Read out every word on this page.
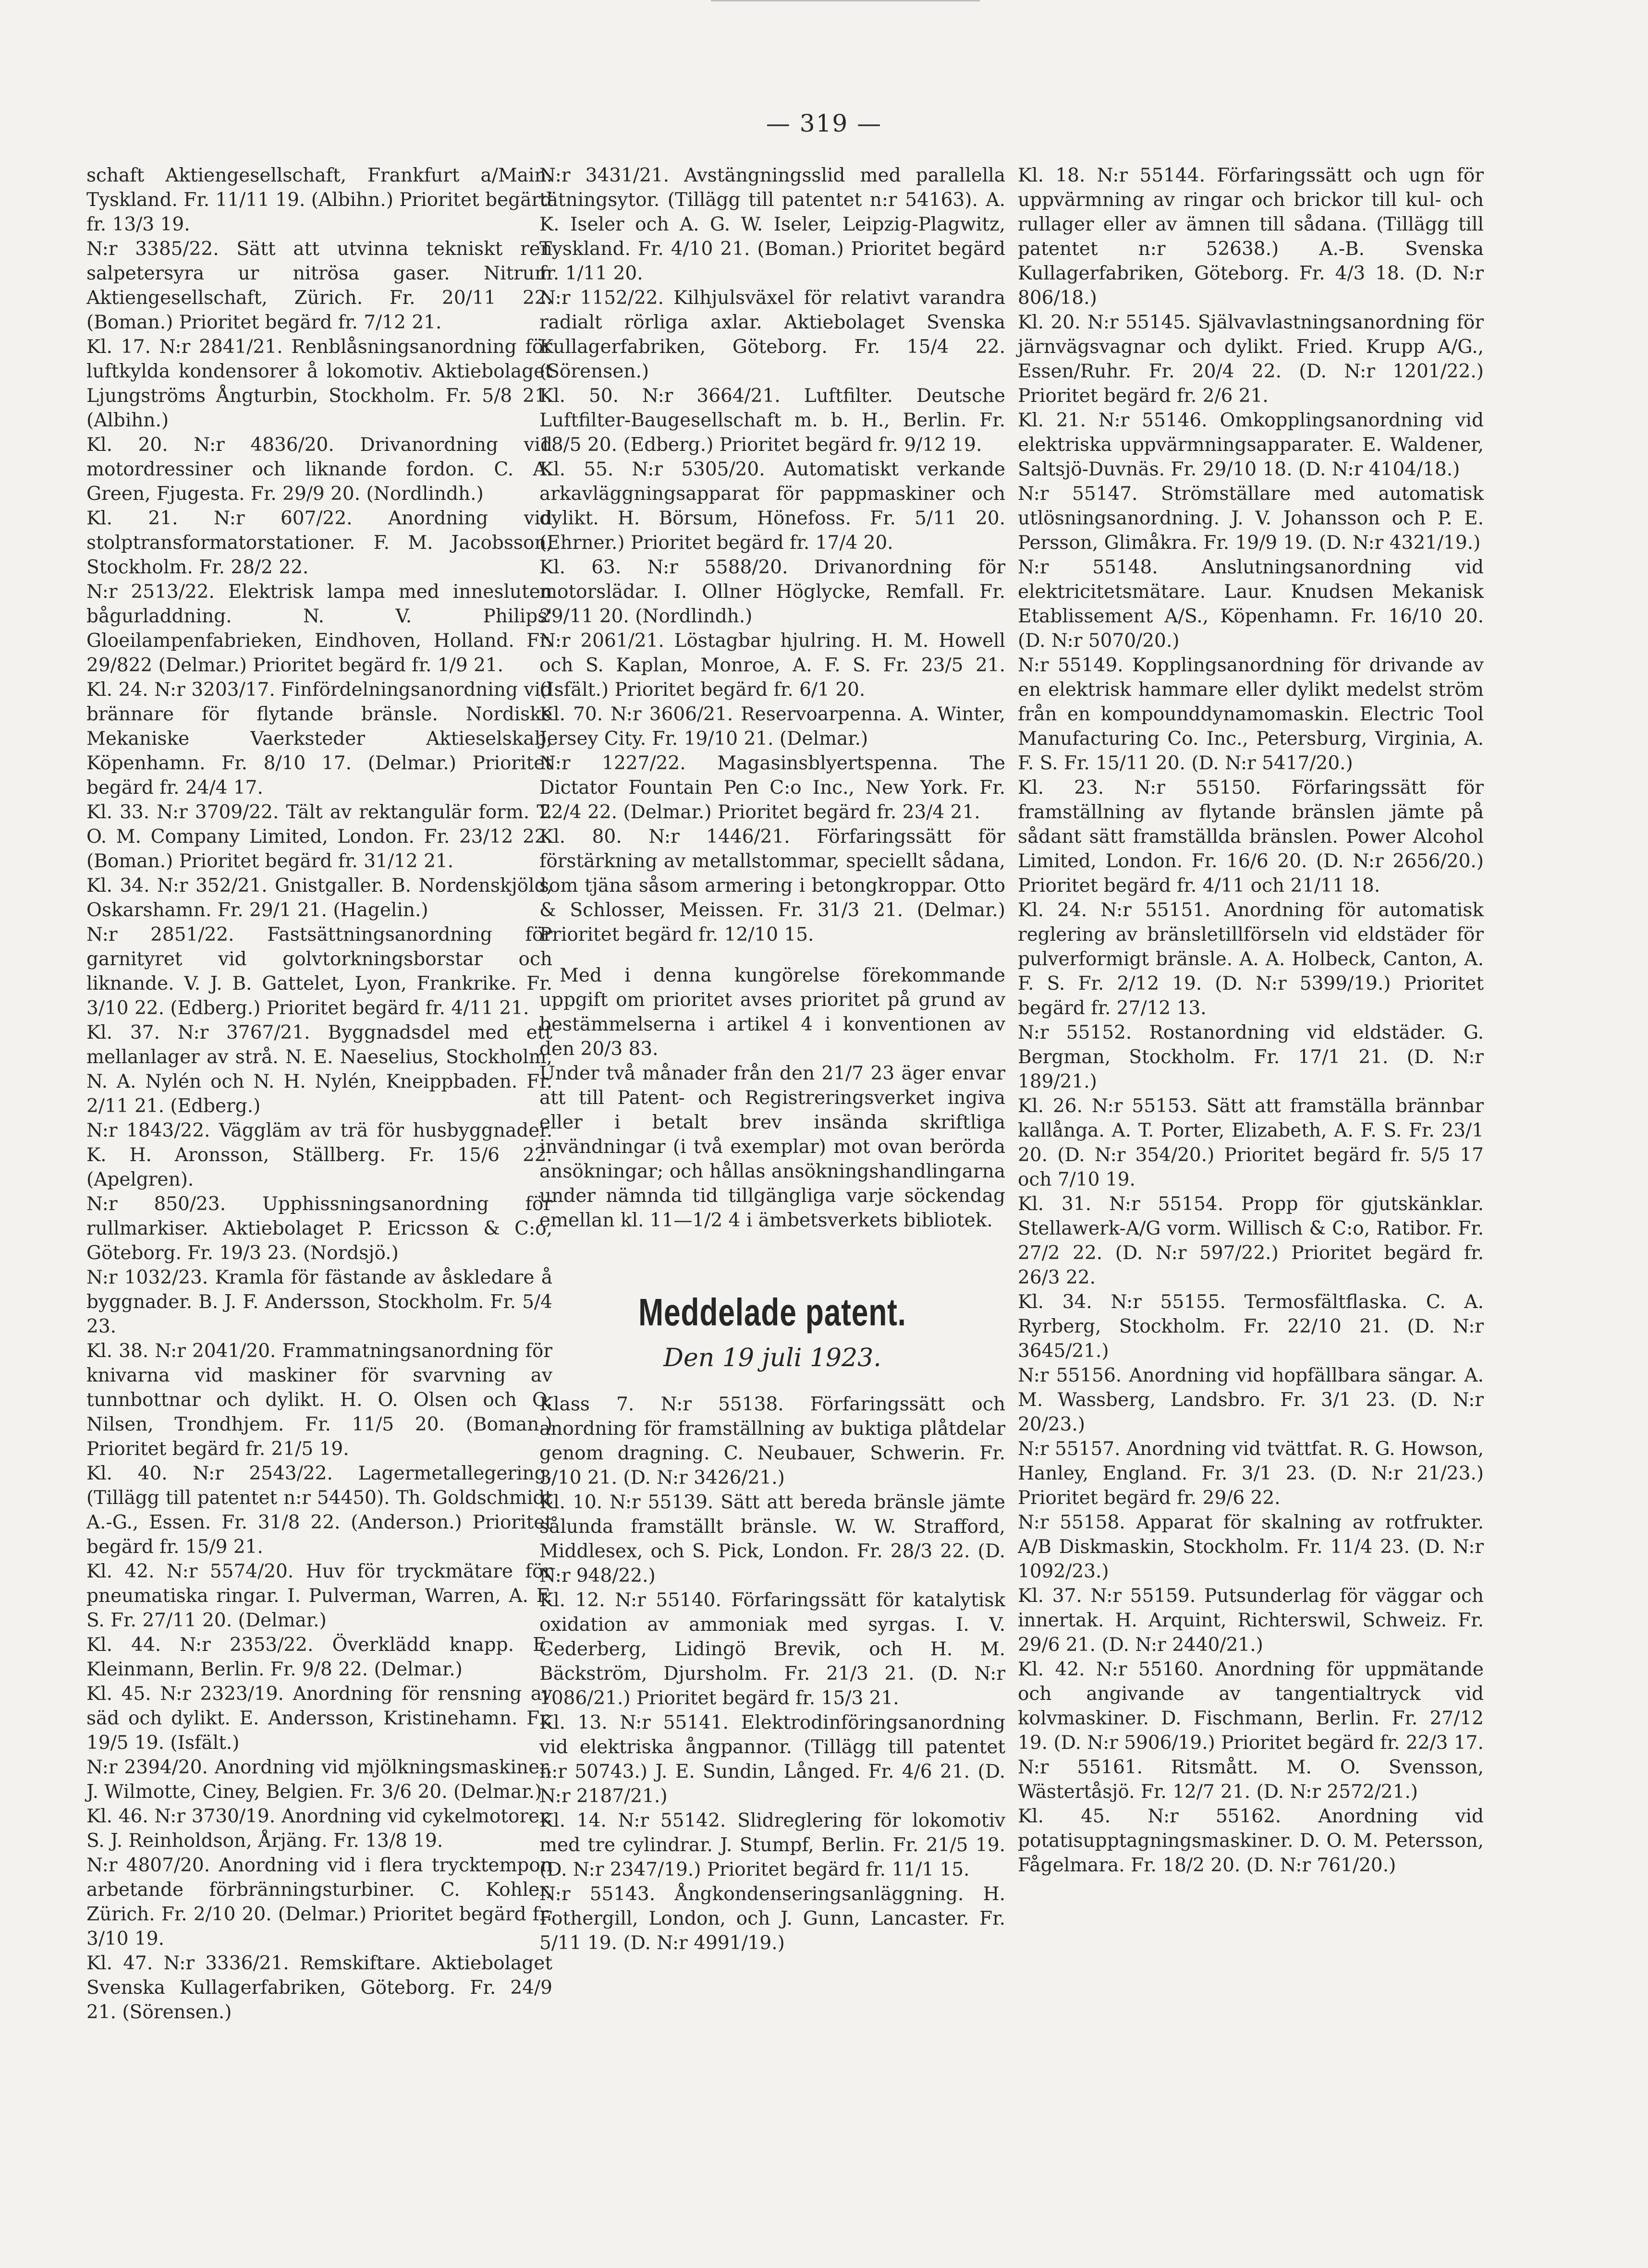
— 319 —

schaft Aktiengesellschaft, Frankfurt a/Main. Tyskland. Fr. 11/11 19. (Albihn.) Prioritet begärd fr. 13/3 19.

N:r 3385/22. Sätt att utvinna tekniskt ren salpetersyra ur nitrösa gaser. Nitrum Aktiengesellschaft, Zürich. Fr. 20/11 22. (Boman.) Prioritet begärd fr. 7/12 21.

Kl. 17. N:r 2841/21. Renblåsningsanordning för luftkylda kondensorer å lokomotiv. Aktiebolaget Ljungströms Ångturbin, Stockholm. Fr. 5/8 21. (Albihn.)

Kl. 20. N:r 4836/20. Drivanordning vid motordressiner och liknande fordon. C. A. Green, Fjugesta. Fr. 29/9 20. (Nordlindh.)

Kl. 21. N:r 607/22. Anordning vid stolptransformatorstationer. F. M. Jacobsson, Stockholm. Fr. 28/2 22.

N:r 2513/22. Elektrisk lampa med innesluten bågurladdning. N. V. Philips' Gloeilampenfabrieken, Eindhoven, Holland. Fr. 29/822 (Delmar.) Prioritet begärd fr. 1/9 21.

Kl. 24. N:r 3203/17. Finfördelningsanordning vid brännare för flytande bränsle. Nordiske Mekaniske Vaerksteder Aktieselskab, Köpenhamn. Fr. 8/10 17. (Delmar.) Prioritet begärd fr. 24/4 17.

Kl. 33. N:r 3709/22. Tält av rektangulär form. T. O. M. Company Limited, London. Fr. 23/12 22. (Boman.) Prioritet begärd fr. 31/12 21.

Kl. 34. N:r 352/21. Gnistgaller. B. Nordenskjöld, Oskarshamn. Fr. 29/1 21. (Hagelin.)

N:r 2851/22. Fastsättningsanordning för garnityret vid golvtorkningsborstar och liknande. V. J. B. Gattelet, Lyon, Frankrike. Fr. 3/10 22. (Edberg.) Prioritet begärd fr. 4/11 21.

Kl. 37. N:r 3767/21. Byggnadsdel med ett mellanlager av strå. N. E. Naeselius, Stockholm, N. A. Nylén och N. H. Nylén, Kneippbaden. Fr. 2/11 21. (Edberg.)

N:r 1843/22. Väggläm av trä för husbyggnader. K. H. Aronsson, Ställberg. Fr. 15/6 22. (Apelgren).

N:r 850/23. Upphissningsanordning för rullmarkiser. Aktiebolaget P. Ericsson & C:o, Göteborg. Fr. 19/3 23. (Nordsjö.)

N:r 1032/23. Kramla för fästande av åskledare å byggnader. B. J. F. Andersson, Stockholm. Fr. 5/4 23.

Kl. 38. N:r 2041/20. Frammatningsanordning för knivarna vid maskiner för svarvning av tunnbottnar och dylikt. H. O. Olsen och O. Nilsen, Trondhjem. Fr. 11/5 20. (Boman.) Prioritet begärd fr. 21/5 19.

Kl. 40. N:r 2543/22. Lagermetallegering. (Tillägg till patentet n:r 54450). Th. Goldschmidt A.-G., Essen. Fr. 31/8 22. (Anderson.) Prioritet begärd fr. 15/9 21.

Kl. 42. N:r 5574/20. Huv för tryckmätare för pneumatiska ringar. I. Pulverman, Warren, A. F. S. Fr. 27/11 20. (Delmar.)

Kl. 44. N:r 2353/22. Överklädd knapp. E. Kleinmann, Berlin. Fr. 9/8 22. (Delmar.)

Kl. 45. N:r 2323/19. Anordning för rensning av säd och dylikt. E. Andersson, Kristinehamn. Fr. 19/5 19. (Isfält.)

N:r 2394/20. Anordning vid mjölkningsmaskiner. J. Wilmotte, Ciney, Belgien. Fr. 3/6 20. (Delmar.)

Kl. 46. N:r 3730/19. Anordning vid cykelmotorer. S. J. Reinholdson, Årjäng. Fr. 13/8 19.

N:r 4807/20. Anordning vid i flera trycktempon arbetande förbränningsturbiner. C. Kohler, Zürich. Fr. 2/10 20. (Delmar.) Prioritet begärd fr. 3/10 19.

Kl. 47. N:r 3336/21. Remskiftare. Aktiebolaget Svenska Kullagerfabriken, Göteborg. Fr. 24/9 21. (Sörensen.)

N:r 3431/21. Avstängningsslid med parallella tätningsytor. (Tillägg till patentet n:r 54163). A. K. Iseler och A. G. W. Iseler, Leipzig-Plagwitz, Tyskland. Fr. 4/10 21. (Boman.) Prioritet begärd fr. 1/11 20.

N:r 1152/22. Kilhjulsväxel för relativt varandra radialt rörliga axlar. Aktiebolaget Svenska Kullagerfabriken, Göteborg. Fr. 15/4 22. (Sörensen.)

Kl. 50. N:r 3664/21. Luftfilter. Deutsche Luftfilter-Baugesellschaft m. b. H., Berlin. Fr. 18/5 20. (Edberg.) Prioritet begärd fr. 9/12 19.

Kl. 55. N:r 5305/20. Automatiskt verkande arkavläggningsapparat för pappmaskiner och dylikt. H. Börsum, Hönefoss. Fr. 5/11 20. (Ehrner.) Prioritet begärd fr. 17/4 20.

Kl. 63. N:r 5588/20. Drivanordning för motorslädar. I. Ollner Höglycke, Remfall. Fr. 29/11 20. (Nordlindh.)

N:r 2061/21. Löstagbar hjulring. H. M. Howell och S. Kaplan, Monroe, A. F. S. Fr. 23/5 21. (Isfält.) Prioritet begärd fr. 6/1 20.

Kl. 70. N:r 3606/21. Reservoarpenna. A. Winter, Jersey City. Fr. 19/10 21. (Delmar.)

N:r 1227/22. Magasinsblyertspenna. The Dictator Fountain Pen C:o Inc., New York. Fr. 22/4 22. (Delmar.) Prioritet begärd fr. 23/4 21.

Kl. 80. N:r 1446/21. Förfaringssätt för förstärkning av metallstommar, speciellt sådana, som tjäna såsom armering i betongkroppar. Otto & Schlosser, Meissen. Fr. 31/3 21. (Delmar.) Prioritet begärd fr. 12/10 15.

Med i denna kungörelse förekommande uppgift om prioritet avses prioritet på grund av bestämmelserna i artikel 4 i konventionen av den 20/3 83.

Under två månader från den 21/7 23 äger envar att till Patent- och Registreringsverket ingiva eller i betalt brev insända skriftliga invändningar (i två exemplar) mot ovan berörda ansökningar; och hållas ansökningshandlingarna under nämnda tid tillgängliga varje söckendag emellan kl. 11—1/2 4 i ämbetsverkets bibliotek.

Meddelade patent.
Den 19 juli 1923.

Klass 7. N:r 55138. Förfaringssätt och anordning för framställning av buktiga plåtdelar genom dragning. C. Neubauer, Schwerin. Fr. 3/10 21. (D. N:r 3426/21.)

Kl. 10. N:r 55139. Sätt att bereda bränsle jämte sålunda framställt bränsle. W. W. Strafford, Middlesex, och S. Pick, London. Fr. 28/3 22. (D. N:r 948/22.)

Kl. 12. N:r 55140. Förfaringssätt för katalytisk oxidation av ammoniak med syrgas. I. V. Cederberg, Lidingö Brevik, och H. M. Bäckström, Djursholm. Fr. 21/3 21. (D. N:r 1086/21.) Prioritet begärd fr. 15/3 21.

Kl. 13. N:r 55141. Elektrodinföringsanordning vid elektriska ångpannor. (Tillägg till patentet n:r 50743.) J. E. Sundin, Långed. Fr. 4/6 21. (D. N:r 2187/21.)

Kl. 14. N:r 55142. Slidreglering för lokomotiv med tre cylindrar. J. Stumpf, Berlin. Fr. 21/5 19. (D. N:r 2347/19.) Prioritet begärd fr. 11/1 15.

N:r 55143. Ångkondenseringsanläggning. H. Fothergill, London, och J. Gunn, Lancaster. Fr. 5/11 19. (D. N:r 4991/19.)

Kl. 18. N:r 55144. Förfaringssätt och ugn för uppvärmning av ringar och brickor till kul- och rullager eller av ämnen till sådana. (Tillägg till patentet n:r 52638.) A.-B. Svenska Kullagerfabriken, Göteborg. Fr. 4/3 18. (D. N:r 806/18.)

Kl. 20. N:r 55145. Självavlastningsanordning för järnvägsvagnar och dylikt. Fried. Krupp A/G., Essen/Ruhr. Fr. 20/4 22. (D. N:r 1201/22.) Prioritet begärd fr. 2/6 21.

Kl. 21. N:r 55146. Omkopplingsanordning vid elektriska uppvärmningsapparater. E. Waldener, Saltsjö-Duvnäs. Fr. 29/10 18. (D. N:r 4104/18.)

N:r 55147. Strömställare med automatisk utlösningsanordning. J. V. Johansson och P. E. Persson, Glimåkra. Fr. 19/9 19. (D. N:r 4321/19.)

N:r 55148. Anslutningsanordning vid elektricitetsmätare. Laur. Knudsen Mekanisk Etablissement A/S., Köpenhamn. Fr. 16/10 20. (D. N:r 5070/20.)

N:r 55149. Kopplingsanordning för drivande av en elektrisk hammare eller dylikt medelst ström från en kompounddynamomaskin. Electric Tool Manufacturing Co. Inc., Petersburg, Virginia, A. F. S. Fr. 15/11 20. (D. N:r 5417/20.)

Kl. 23. N:r 55150. Förfaringssätt för framställning av flytande bränslen jämte på sådant sätt framställda bränslen. Power Alcohol Limited, London. Fr. 16/6 20. (D. N:r 2656/20.) Prioritet begärd fr. 4/11 och 21/11 18.

Kl. 24. N:r 55151. Anordning för automatisk reglering av bränsletillförseln vid eldstäder för pulverformigt bränsle. A. A. Holbeck, Canton, A. F. S. Fr. 2/12 19. (D. N:r 5399/19.) Prioritet begärd fr. 27/12 13.

N:r 55152. Rostanordning vid eldstäder. G. Bergman, Stockholm. Fr. 17/1 21. (D. N:r 189/21.)

Kl. 26. N:r 55153. Sätt att framställa brännbar kallånga. A. T. Porter, Elizabeth, A. F. S. Fr. 23/1 20. (D. N:r 354/20.) Prioritet begärd fr. 5/5 17 och 7/10 19.

Kl. 31. N:r 55154. Propp för gjutskänklar. Stellawerk-A/G vorm. Willisch & C:o, Ratibor. Fr. 27/2 22. (D. N:r 597/22.) Prioritet begärd fr. 26/3 22.

Kl. 34. N:r 55155. Termosfältflaska. C. A. Ryrberg, Stockholm. Fr. 22/10 21. (D. N:r 3645/21.)

N:r 55156. Anordning vid hopfällbara sängar. A. M. Wassberg, Landsbro. Fr. 3/1 23. (D. N:r 20/23.)

N:r 55157. Anordning vid tvättfat. R. G. Howson, Hanley, England. Fr. 3/1 23. (D. N:r 21/23.) Prioritet begärd fr. 29/6 22.

N:r 55158. Apparat för skalning av rotfrukter. A/B Diskmaskin, Stockholm. Fr. 11/4 23. (D. N:r 1092/23.)

Kl. 37. N:r 55159. Putsunderlag för väggar och innertak. H. Arquint, Richterswil, Schweiz. Fr. 29/6 21. (D. N:r 2440/21.)

Kl. 42. N:r 55160. Anordning för uppmätande och angivande av tangentialtryck vid kolvmaskiner. D. Fischmann, Berlin. Fr. 27/12 19. (D. N:r 5906/19.) Prioritet begärd fr. 22/3 17.

N:r 55161. Ritsmått. M. O. Svensson, Wästertåsjö. Fr. 12/7 21. (D. N:r 2572/21.)

Kl. 45. N:r 55162. Anordning vid potatisupptagningsmaskiner. D. O. M. Petersson, Fågelmara. Fr. 18/2 20. (D. N:r 761/20.)
